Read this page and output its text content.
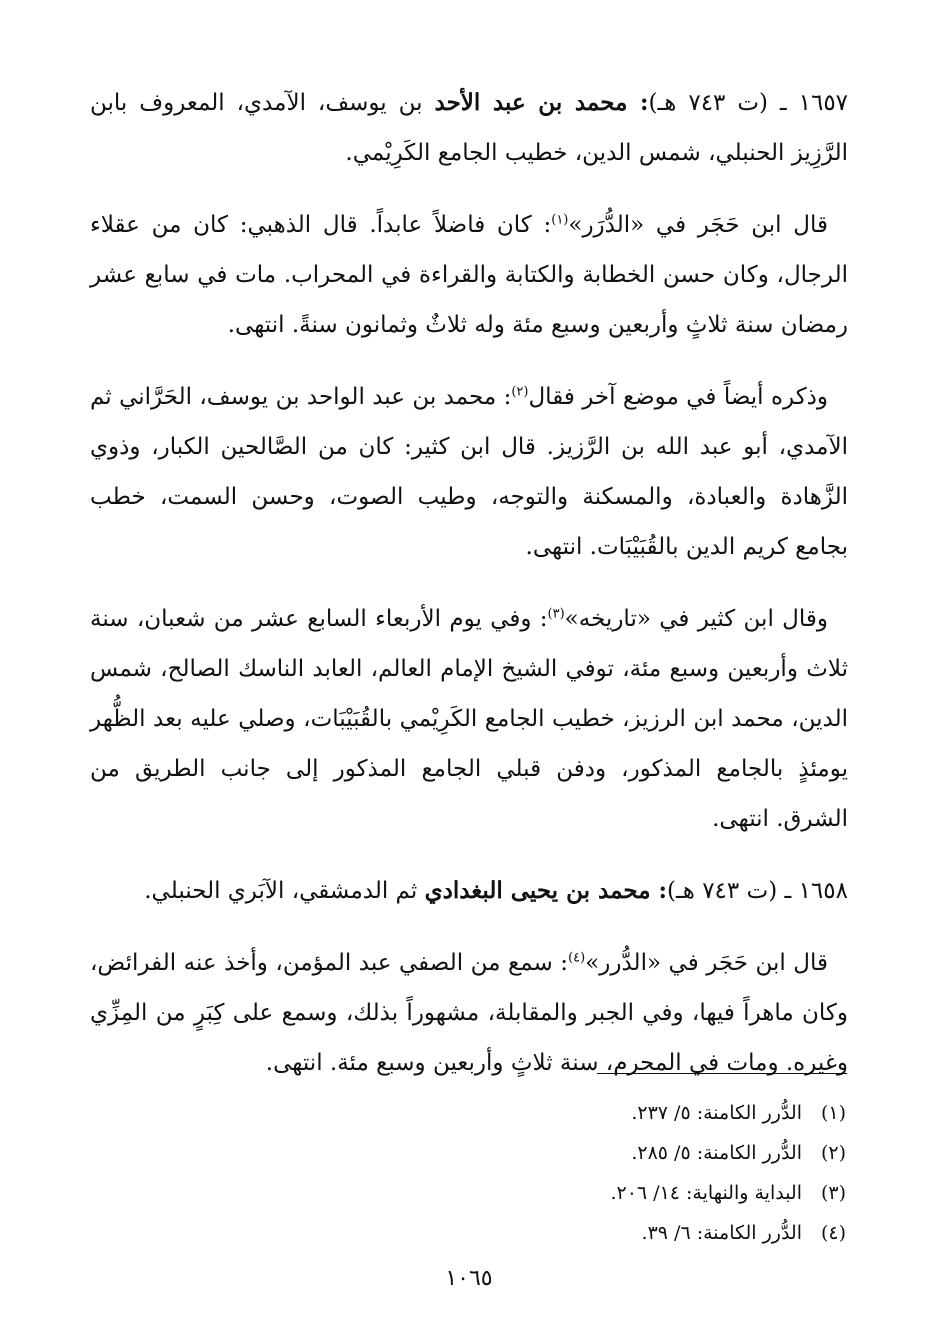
١٦٥٧ ـ (ت ٧٤٣ هـ): محمد بن عبد الأحد بن يوسف، الآمدي، المعروف بابن الرَّزِيز الحنبلي، شمس الدين، خطيب الجامع الكَرِيْمي.

قال ابن حَجَر في «الدُّرَر»$^{(١)}$: كان فاضلاً عابداً. قال الذهبي: كان من عقلاء الرجال، وكان حسن الخطابة والكتابة والقراءة في المحراب. مات في سابع عشر رمضان سنة ثلاثٍ وأربعين وسبع مئة وله ثلاثٌ وثمانون سنةً. انتهى.

وذكره أيضاً في موضع آخر فقال$^{(٢)}$: محمد بن عبد الواحد بن يوسف، الحَرَّاني ثم الآمدي، أبو عبد الله بن الرَّزيز. قال ابن كثير: كان من الصَّالحين الكبار، وذوي الزَّهادة والعبادة، والمسكنة والتوجه، وطيب الصوت، وحسن السمت، خطب بجامع كريم الدين بالقُبَيْبَات. انتهى.

وقال ابن كثير في «تاريخه»$^{(٣)}$: وفي يوم الأربعاء السابع عشر من شعبان، سنة ثلاث وأربعين وسبع مئة، توفي الشيخ الإمام العالم، العابد الناسك الصالح، شمس الدين، محمد ابن الرزيز، خطيب الجامع الكَرِيْمي بالقُبَيْبَات، وصلي عليه بعد الظُّهر يومئذٍ بالجامع المذكور، ودفن قبلي الجامع المذكور إلى جانب الطريق من الشرق. انتهى.

١٦٥٨ ـ (ت ٧٤٣ هـ): محمد بن يحيى البغدادي ثم الدمشقي، الآبَري الحنبلي.

قال ابن حَجَر في «الدُّرر»$^{(٤)}$: سمع من الصفي عبد المؤمن، وأخذ عنه الفرائض، وكان ماهراً فيها، وفي الجبر والمقابلة، مشهوراً بذلك، وسمع على كِبَرٍ من المِزِّي وغيره. ومات في المحرم، سنة ثلاثٍ وأربعين وسبع مئة. انتهى.

(١)
الدُّرر الكامنة: ٥/ ٢٣٧.
(٢)
الدُّرر الكامنة: ٥/ ٢٨٥.
(٣)
البداية والنهاية: ١٤/ ٢٠٦.
(٤)
الدُّرر الكامنة: ٦/ ٣٩.
١٠٦٥
